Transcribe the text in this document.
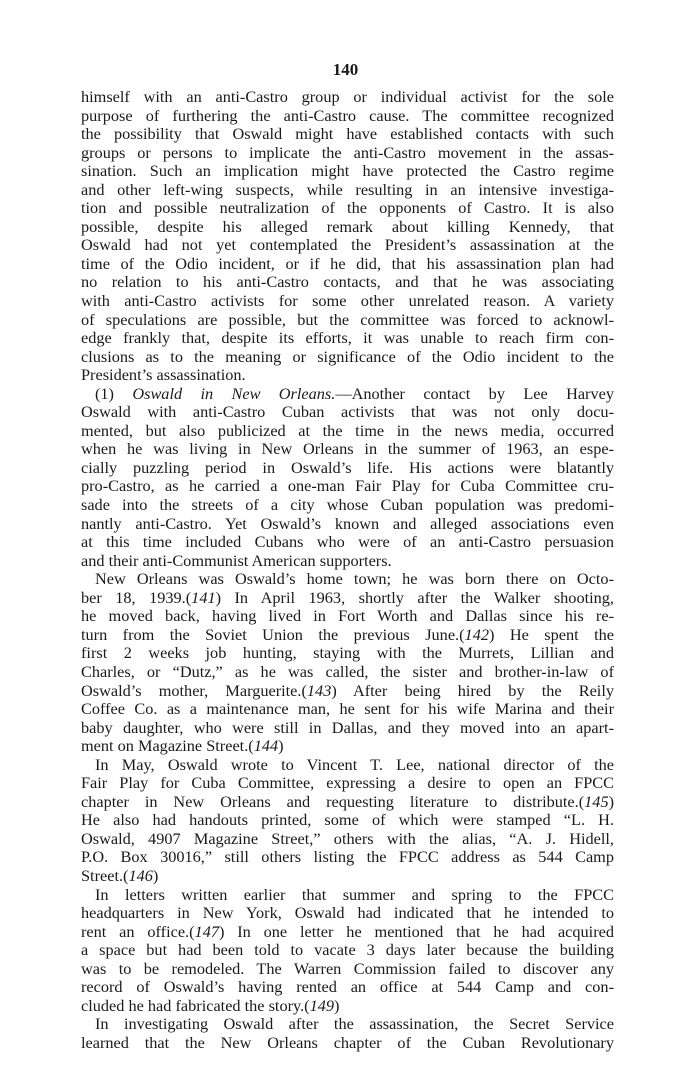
140
himself with an anti-Castro group or individual activist for the sole
purpose of furthering the anti-Castro cause. The committee recognized
the possibility that Oswald might have established contacts with such
groups or persons to implicate the anti-Castro movement in the assas-
sination. Such an implication might have protected the Castro regime
and other left-wing suspects, while resulting in an intensive investiga-
tion and possible neutralization of the opponents of Castro. It is also
possible, despite his alleged remark about killing Kennedy, that
Oswald had not yet contemplated the President’s assassination at the
time of the Odio incident, or if he did, that his assassination plan had
no relation to his anti-Castro contacts, and that he was associating
with anti-Castro activists for some other unrelated reason. A variety
of speculations are possible, but the committee was forced to acknowl-
edge frankly that, despite its efforts, it was unable to reach firm con-
clusions as to the meaning or significance of the Odio incident to the
President’s assassination.
(1) Oswald in New Orleans.—Another contact by Lee Harvey
Oswald with anti-Castro Cuban activists that was not only docu-
mented, but also publicized at the time in the news media, occurred
when he was living in New Orleans in the summer of 1963, an espe-
cially puzzling period in Oswald’s life. His actions were blatantly
pro-Castro, as he carried a one-man Fair Play for Cuba Committee cru-
sade into the streets of a city whose Cuban population was predomi-
nantly anti-Castro. Yet Oswald’s known and alleged associations even
at this time included Cubans who were of an anti-Castro persuasion
and their anti-Communist American supporters.
New Orleans was Oswald’s home town; he was born there on Octo-
ber 18, 1939.(141) In April 1963, shortly after the Walker shooting,
he moved back, having lived in Fort Worth and Dallas since his re-
turn from the Soviet Union the previous June.(142) He spent the
first 2 weeks job hunting, staying with the Murrets, Lillian and
Charles, or “Dutz,” as he was called, the sister and brother-in-law of
Oswald’s mother, Marguerite.(143) After being hired by the Reily
Coffee Co. as a maintenance man, he sent for his wife Marina and their
baby daughter, who were still in Dallas, and they moved into an apart-
ment on Magazine Street.(144)
In May, Oswald wrote to Vincent T. Lee, national director of the
Fair Play for Cuba Committee, expressing a desire to open an FPCC
chapter in New Orleans and requesting literature to distribute.(145)
He also had handouts printed, some of which were stamped “L. H.
Oswald, 4907 Magazine Street,” others with the alias, “A. J. Hidell,
P.O. Box 30016,” still others listing the FPCC address as 544 Camp
Street.(146)
In letters written earlier that summer and spring to the FPCC
headquarters in New York, Oswald had indicated that he intended to
rent an office.(147) In one letter he mentioned that he had acquired
a space but had been told to vacate 3 days later because the building
was to be remodeled. The Warren Commission failed to discover any
record of Oswald’s having rented an office at 544 Camp and con-
cluded he had fabricated the story.(149)
In investigating Oswald after the assassination, the Secret Service
learned that the New Orleans chapter of the Cuban Revolutionary
